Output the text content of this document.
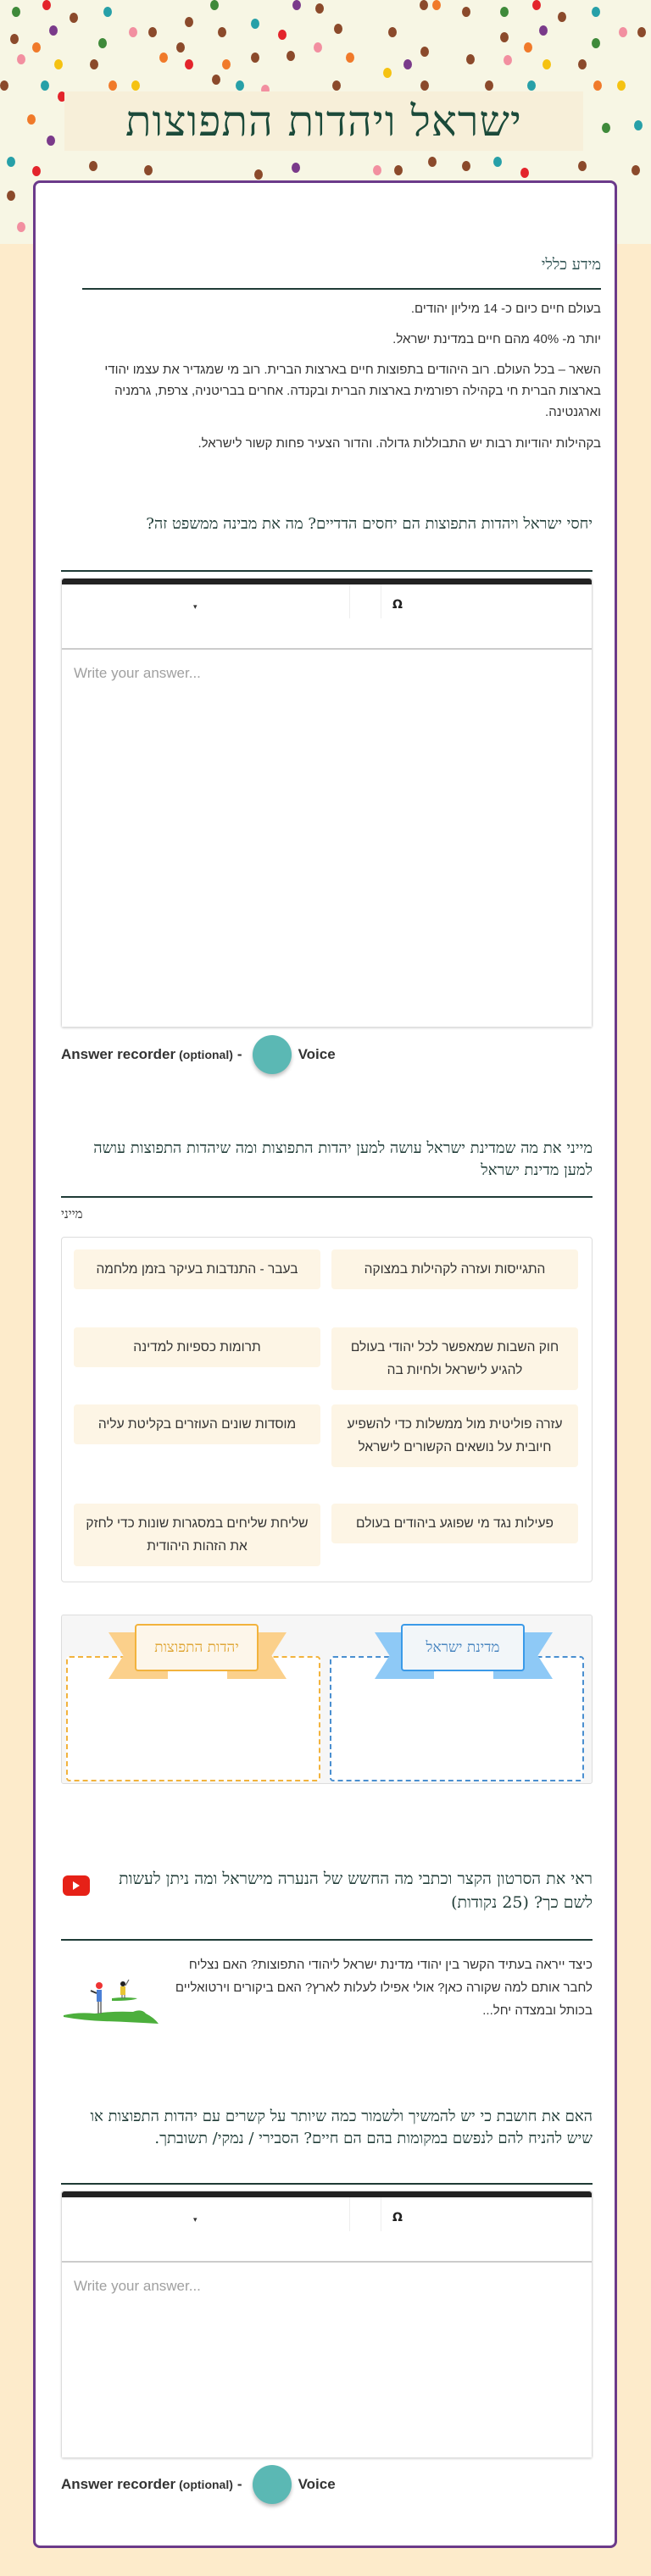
ישראל ויהדות התפוצות
מידע כללי
בעולם חיים כיום כ- 14 מיליון יהודים.
יותר מ- 40% מהם חיים במדינת ישראל.
השאר – בכל העולם. רוב היהודים בתפוצות חיים בארצות הברית. רוב מי שמגדיר את עצמו יהודי בארצות הברית חי בקהילה רפורמית בארצות הברית ובקנדה. אחרים בבריטניה, צרפת, גרמניה וארגנטינה.
בקהילות יהודיות רבות יש התבוללות גדולה. והדור הצעיר פחות קשור לישראל.
יחסי ישראל ויהדות התפוצות הם יחסים הדדיים? מה את מבינה ממשפט זה?
▾	Ω
Write your answer...
Answer recorder (optional) -	Voice
מייני את מה שמדינת ישראל עושה למען יהדות התפוצות ומה שיהדות התפוצות עושה למען מדינת ישראל
מייני
התגייסות ועזרה לקהילות במצוקה
בעבר - התנדבות בעיקר בזמן מלחמה
חוק השבות שמאפשר לכל יהודי בעולם להגיע לישראל ולחיות בה
תרומות כספיות למדינה
עזרה פוליטית מול ממשלות כדי להשפיע חיובית על נושאים הקשורים לישראל
מוסדות שונים העוזרים בקליטת עליה
פעילות נגד מי שפוגע ביהודים בעולם
שליחת שליחים במסגרות שונות כדי לחזק את הזהות היהודית
מדינת ישראל
יהדות התפוצות
ראי את הסרטון הקצר וכתבי מה החשש של הנערה מישראל ומה ניתן לעשות לשם כך? (25 נקודות)
כיצד ייראה בעתיד הקשר בין יהודי מדינת ישראל ליהודי התפוצות? האם נצליח לחבר אותם למה שקורה כאן? אולי אפילו לעלות לארץ? האם ביקורים וירטואליים בכותל ובמצדה יחל...
האם את חושבת כי יש להמשיך ולשמור כמה שיותר על קשרים עם יהדות התפוצות או שיש להניח להם לנפשם במקומות בהם הם חיים? הסבירי / נמקי/ תשובתך.
▾	Ω
Write your answer...
Answer recorder (optional) -	Voice
